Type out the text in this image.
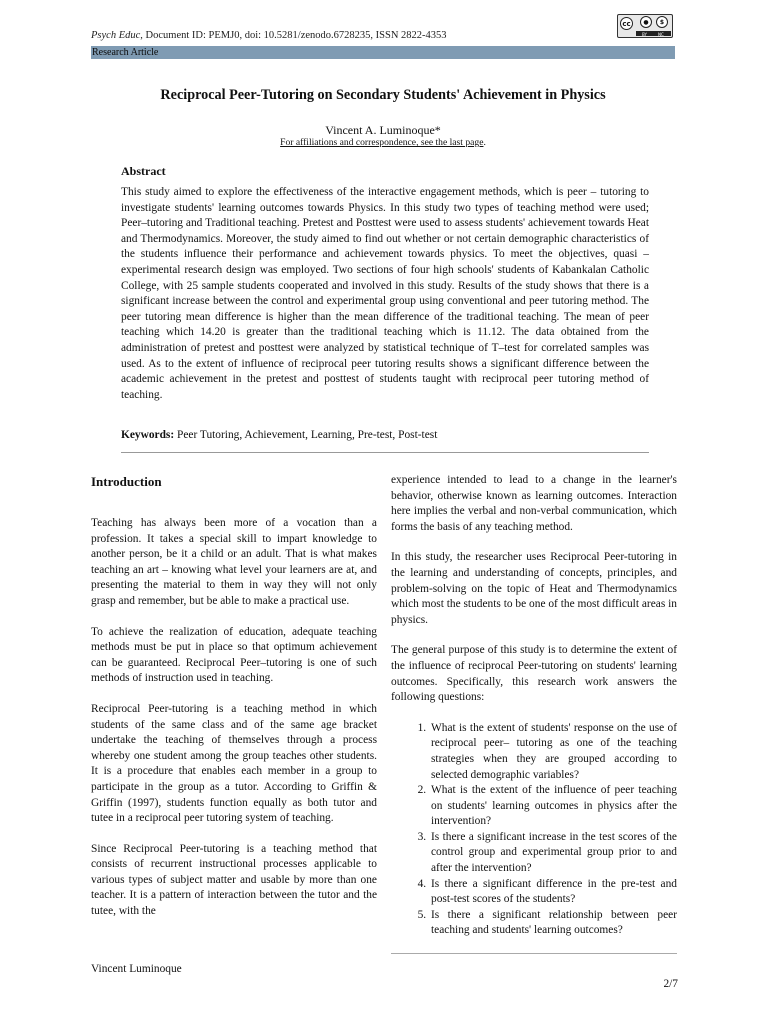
Psych Educ, Document ID: PEMJ0, doi: 10.5281/zenodo.6728235, ISSN 2822-4353
cc	●	$
BY	NC
Research Article
Reciprocal Peer-Tutoring on Secondary Students' Achievement in Physics
Vincent A. Luminoque*
For affiliations and correspondence, see the last page.
Abstract
This study aimed to explore the effectiveness of the interactive engagement methods, which is peer – tutoring to investigate students' learning outcomes towards Physics. In this study two types of teaching method were used; Peer–tutoring and Traditional teaching. Pretest and Posttest were used to assess students' achievement towards Heat and Thermodynamics. Moreover, the study aimed to find out whether or not certain demographic characteristics of the students influence their performance and achievement towards physics. To meet the objectives, quasi – experimental research design was employed. Two sections of four high schools' students of Kabankalan Catholic College, with 25 sample students cooperated and involved in this study. Results of the study shows that there is a significant increase between the control and experimental group using conventional and peer tutoring method. The peer tutoring mean difference is higher than the mean difference of the traditional teaching. The mean of peer teaching which 14.20 is greater than the traditional teaching which is 11.12. The data obtained from the administration of pretest and posttest were analyzed by statistical technique of T–test for correlated samples was used. As to the extent of influence of reciprocal peer tutoring results shows a significant difference between the academic achievement in the pretest and posttest of students taught with reciprocal peer tutoring method of teaching.
Keywords: Peer Tutoring, Achievement, Learning, Pre-test, Post-test
Introduction

Teaching has always been more of a vocation than a profession. It takes a special skill to impart knowledge to another person, be it a child or an adult. That is what makes teaching an art – knowing what level your learners are at, and presenting the material to them in way they will not only grasp and remember, but be able to make a practical use.

To achieve the realization of education, adequate teaching methods must be put in place so that optimum achievement can be guaranteed. Reciprocal Peer–tutoring is one of such methods of instruction used in teaching.

Reciprocal Peer-tutoring is a teaching method in which students of the same class and of the same age bracket undertake the teaching of themselves through a process whereby one student among the group teaches other students. It is a procedure that enables each member in a group to participate in the group as a tutor. According to Griffin & Griffin (1997), students function equally as both tutor and tutee in a reciprocal peer tutoring system of teaching.

Since Reciprocal Peer-tutoring is a teaching method that consists of recurrent instructional processes applicable to various types of subject matter and usable by more than one teacher. It is a pattern of interaction between the tutor and the tutee, with the

experience intended to lead to a change in the learner's behavior, otherwise known as learning outcomes. Interaction here implies the verbal and non-verbal communication, which forms the basis of any teaching method.

In this study, the researcher uses Reciprocal Peer-tutoring in the learning and understanding of concepts, principles, and problem-solving on the topic of Heat and Thermodynamics which most the students to be one of the most difficult areas in physics.

The general purpose of this study is to determine the extent of the influence of reciprocal Peer-tutoring on students' learning outcomes. Specifically, this research work answers the following questions:

1. What is the extent of students' response on the use of reciprocal peer– tutoring as one of the teaching strategies when they are grouped according to selected demographic variables?
2. What is the extent of the influence of peer teaching on students' learning outcomes in physics after the intervention?
3. Is there a significant increase in the test scores of the control group and experimental group prior to and after the intervention?
4. Is there a significant difference in the pre-test and post-test scores of the students?
5. Is there a significant relationship between peer teaching and students' learning outcomes?
Vincent Luminoque
2/7
